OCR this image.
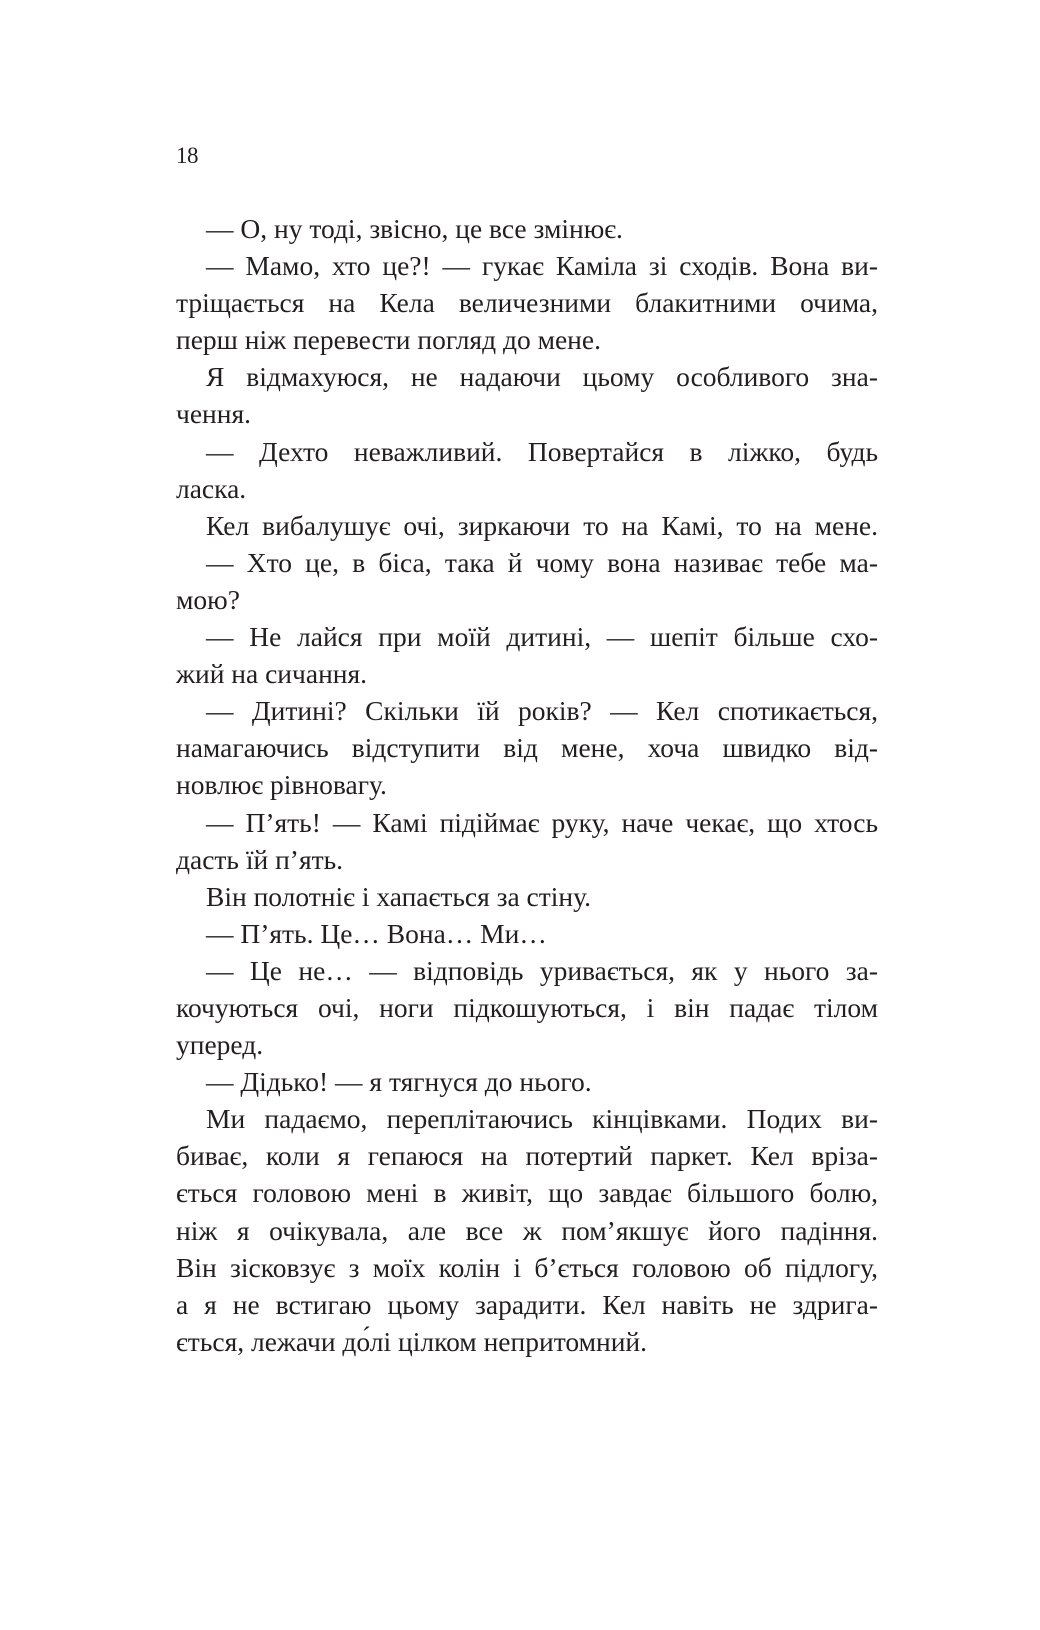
18
— О, ну тоді, звісно, це все змінює.
— Мамо, хто це?! — гукає Каміла зі сходів. Вона ви-
тріщається на Кела величезними блакитними очима,
перш ніж перевести погляд до мене.
Я відмахуюся, не надаючи цьому особливого зна-
чення.
— Дехто неважливий. Повертайся в ліжко, будь
ласка.
Кел вибалушує очі, зиркаючи то на Камі, то на мене.
— Хто це, в біса, така й чому вона називає тебе ма-
мою?
— Не лайся при моїй дитині, — шепіт більше схо-
жий на сичання.
— Дитині? Скільки їй років? — Кел спотикається,
намагаючись відступити від мене, хоча швидко від-
новлює рівновагу.
— П’ять! — Камі підіймає руку, наче чекає, що хтось
дасть їй п’ять.
Він полотніє і хапається за стіну.
— П’ять. Це… Вона… Ми…
— Це не… — відповідь уривається, як у нього за-
кочуються очі, ноги підкошуються, і він падає тілом
уперед.
— Дідько! — я тягнуся до нього.
Ми падаємо, переплітаючись кінцівками. Подих ви-
биває, коли я гепаюся на потертий паркет. Кел вріза-
ється головою мені в живіт, що завдає більшого болю,
ніж я очікувала, але все ж пом’якшує його падіння.
Він зісковзує з моїх колін і б’ється головою об підлогу,
а я не встигаю цьому зарадити. Кел навіть не здрига-
ється, лежачи до́лі цілком непритомний.
